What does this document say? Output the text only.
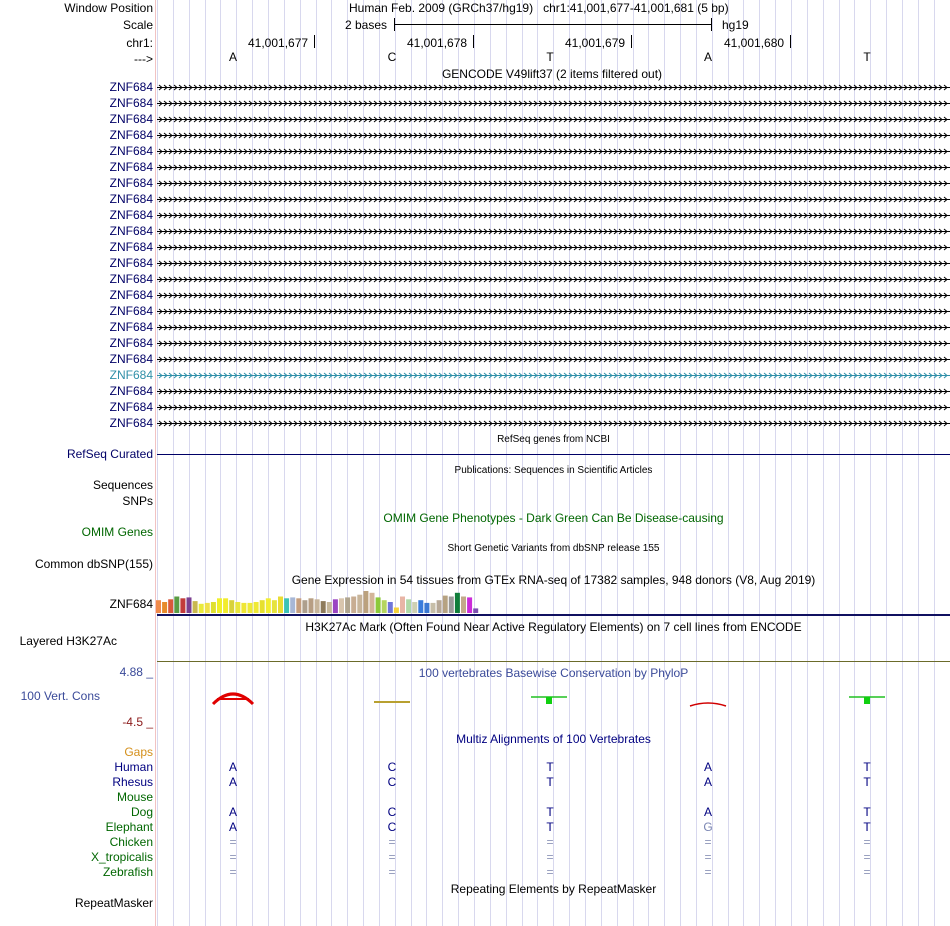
Window Position	Human Feb. 2009 (GRCh37/hg19)   chr1:41,001,677-41,001,681 (5 bp)
Scale	2 bases	hg19
chr1:	41,001,677	41,001,678	41,001,679	41,001,680
--->	A	C	T	A	T
GENCODE V49lift37 (2 items filtered out)
ZNF684
ZNF684
ZNF684
ZNF684
ZNF684
ZNF684
ZNF684
ZNF684
ZNF684
ZNF684
ZNF684
ZNF684
ZNF684
ZNF684
ZNF684
ZNF684
ZNF684
ZNF684
ZNF684
ZNF684
ZNF684
ZNF684
RefSeq genes from NCBI
RefSeq Curated
Publications: Sequences in Scientific Articles
Sequences
SNPs
OMIM Gene Phenotypes - Dark Green Can Be Disease-causing
OMIM Genes
Short Genetic Variants from dbSNP release 155
Common dbSNP(155)
Gene Expression in 54 tissues from GTEx RNA-seq of 17382 samples, 948 donors (V8, Aug 2019)
ZNF684
H3K27Ac Mark (Often Found Near Active Regulatory Elements) on 7 cell lines from ENCODE
Layered H3K27Ac
100 vertebrates Basewise Conservation by PhyloP
4.88 _
100 Vert. Cons
-4.5 _
Multiz Alignments of 100 Vertebrates
Gaps
Human	A	C	T	A	T
Rhesus	A	C	T	A	T
Mouse
Dog	A	C	T	A	T
Elephant	A	C	T	G	T
Chicken	=	=	=	=	=
X_tropicalis	=	=	=	=	=
Zebrafish	=	=	=	=	=
Repeating Elements by RepeatMasker
RepeatMasker
